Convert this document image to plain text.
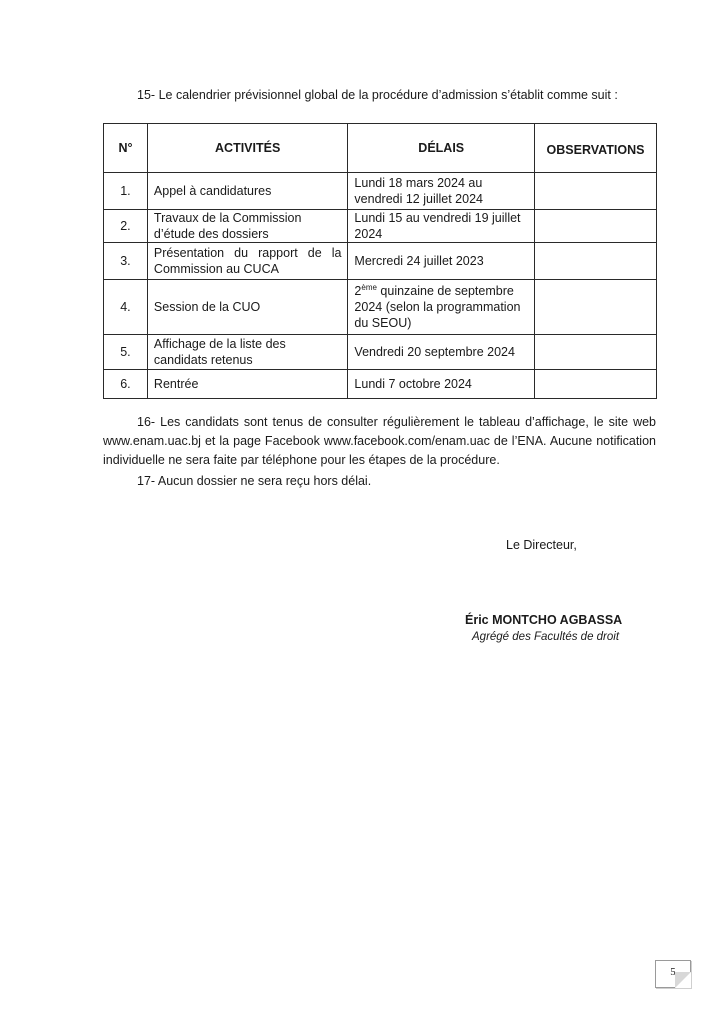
15- Le calendrier prévisionnel global de la procédure d’admission s’établit comme suit :
N°	ACTIVITÉS	DÉLAIS	OBSERVATIONS
1.	Appel à candidatures	Lundi 18 mars 2024 au vendredi 12 juillet 2024	
2.	Travaux de la Commission d’étude des dossiers	Lundi 15 au vendredi 19 juillet 2024	
3.	Présentation du rapport de la Commission au CUCA	Mercredi 24 juillet 2023	
4.	Session de la CUO	2ème quinzaine de septembre 2024 (selon la programmation du SEOU)	
5.	Affichage de la liste des candidats retenus	Vendredi 20 septembre 2024	
6.	Rentrée	Lundi 7 octobre 2024	
16- Les candidats sont tenus de consulter régulièrement le tableau d’affichage, le site web www.enam.uac.bj et la page Facebook www.facebook.com/enam.uac de l’ENA. Aucune notification individuelle ne sera faite par téléphone pour les étapes de la procédure.
17- Aucun dossier ne sera reçu hors délai.
Le Directeur,
Éric MONTCHO AGBASSA
Agrégé des Facultés de droit
5
